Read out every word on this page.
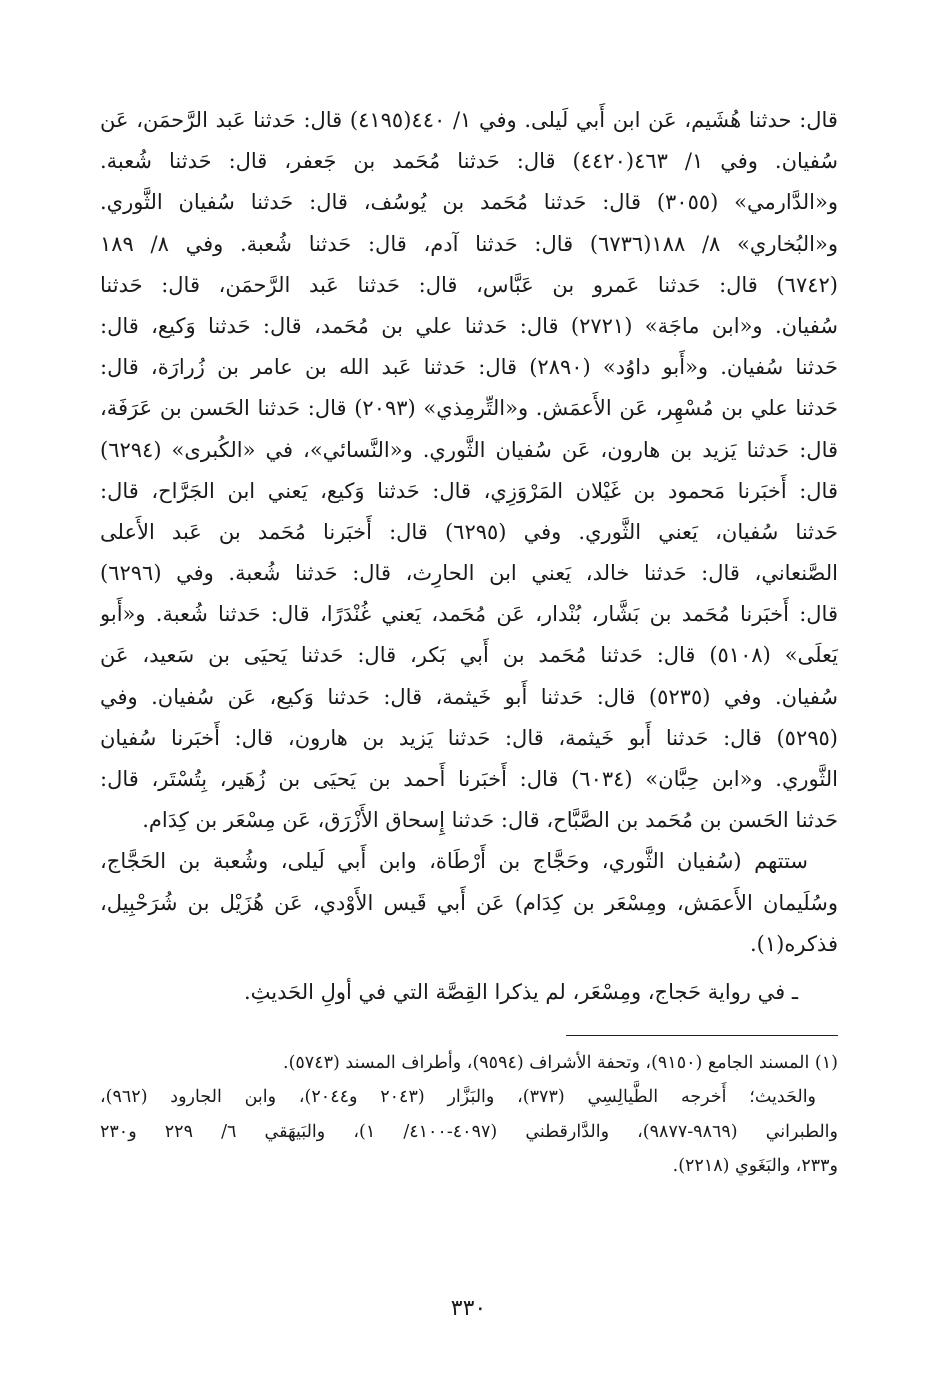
قال: حدثنا هُشَيم، عَن ابن أَبي لَيلى. وفي ١/ ٤٤٠(٤١٩٥) قال: حَدثنا عَبد الرَّحمَن، عَن
سُفيان. وفي ١/ ٤٦٣(٤٤٢٠) قال: حَدثنا مُحَمد بن جَعفر، قال: حَدثنا شُعبة.
و«الدَّارمي» (٣٠٥٥) قال: حَدثنا مُحَمد بن يُوسُف، قال: حَدثنا سُفيان الثَّوري.
و«البُخاري» ٨/ ١٨٨(٦٧٣٦) قال: حَدثنا آدم، قال: حَدثنا شُعبة. وفي ٨/ ١٨٩
(٦٧٤٢) قال: حَدثنا عَمرو بن عَبَّاس، قال: حَدثنا عَبد الرَّحمَن، قال: حَدثنا
سُفيان. و«ابن ماجَة» (٢٧٢١) قال: حَدثنا علي بن مُحَمد، قال: حَدثنا وَكيع، قال:
حَدثنا سُفيان. و«أَبو داوُد» (٢٨٩٠) قال: حَدثنا عَبد الله بن عامر بن زُرارَة، قال:
حَدثنا علي بن مُسْهِر، عَن الأَعمَش. و«التِّرمِذي» (٢٠٩٣) قال: حَدثنا الحَسن بن عَرَفَة،
قال: حَدثنا يَزيد بن هارون، عَن سُفيان الثَّوري. و«النَّسائي»، في «الكُبرى» (٦٢٩٤)
قال: أَخبَرنا مَحمود بن غَيْلان المَرْوَزِي، قال: حَدثنا وَكيع، يَعني ابن الجَرَّاح، قال:
حَدثنا سُفيان، يَعني الثَّوري. وفي (٦٢٩٥) قال: أَخبَرنا مُحَمد بن عَبد الأَعلى
الصَّنعاني، قال: حَدثنا خالد، يَعني ابن الحارِث، قال: حَدثنا شُعبة. وفي (٦٢٩٦)
قال: أَخبَرنا مُحَمد بن بَشَّار، بُنْدار، عَن مُحَمد، يَعني غُنْدَرًا، قال: حَدثنا شُعبة. و«أَبو
يَعلَى» (٥١٠٨) قال: حَدثنا مُحَمد بن أَبي بَكر، قال: حَدثنا يَحيَى بن سَعيد، عَن
سُفيان. وفي (٥٢٣٥) قال: حَدثنا أَبو خَيثمة، قال: حَدثنا وَكيع، عَن سُفيان. وفي
(٥٢٩٥) قال: حَدثنا أَبو خَيثمة، قال: حَدثنا يَزيد بن هارون، قال: أَخبَرنا سُفيان
الثَّوري. و«ابن حِبَّان» (٦٠٣٤) قال: أَخبَرنا أَحمد بن يَحيَى بن زُهَير، بِتُسْتَر، قال:
حَدثنا الحَسن بن مُحَمد بن الصَّبَّاح، قال: حَدثنا إِسحاق الأَزْرَق، عَن مِسْعَر بن كِدَام.
ستتهم (سُفيان الثَّوري، وحَجَّاج بن أَرْطَاة، وابن أَبي لَيلى، وشُعبة بن الحَجَّاج،
وسُلَيمان الأَعمَش، ومِسْعَر بن كِدَام) عَن أَبي قَيس الأَوْدي، عَن هُزَيْل بن شُرَحْبِيل،
فذكره(١).
ـ في رواية حَجاج، ومِسْعَر، لم يذكرا القِصَّة التي في أولِ الحَديثِ.
(١) المسند الجامع (٩١٥٠)، وتحفة الأشراف (٩٥٩٤)، وأطراف المسند (٥٧٤٣).
والحَديث؛ أَخرجه الطَّيالِسِي (٣٧٣)، والبَزَّار (٢٠٤٣ و٢٠٤٤)، وابن الجارود (٩٦٢)،
والطبراني (٩٨٦٩-٩٨٧٧)، والدَّارقطني (٤٠٩٧-٤١٠٠/ ١)، والبَيهَقي ٦/ ٢٢٩ و٢٣٠
و٢٣٣، والبَغَوي (٢٢١٨).
٣٣٠
